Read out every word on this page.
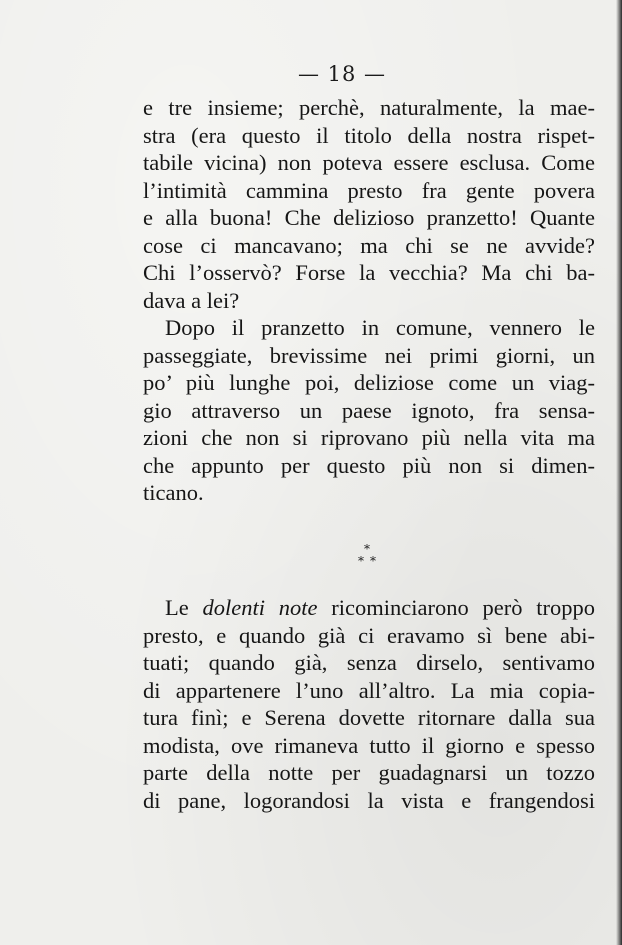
— 18 —
e tre insieme; perchè, naturalmente, la mae-
stra (era questo il titolo della nostra rispet-
tabile vicina) non poteva essere esclusa. Come
l’intimità cammina presto fra gente povera
e alla buona! Che delizioso pranzetto! Quante
cose ci mancavano; ma chi se ne avvide?
Chi l’osservò? Forse la vecchia? Ma chi ba-
dava a lei?
Dopo il pranzetto in comune, vennero le
passeggiate, brevissime nei primi giorni, un
po’ più lunghe poi, deliziose come un viag-
gio attraverso un paese ignoto, fra sensa-
zioni che non si riprovano più nella vita ma
che appunto per questo più non si dimen-
ticano.
*
* *
Le dolenti note ricominciarono però troppo
presto, e quando già ci eravamo sì bene abi-
tuati; quando già, senza dirselo, sentivamo
di appartenere l’uno all’altro. La mia copia-
tura finì; e Serena dovette ritornare dalla sua
modista, ove rimaneva tutto il giorno e spesso
parte della notte per guadagnarsi un tozzo
di pane, logorandosi la vista e frangendosi
